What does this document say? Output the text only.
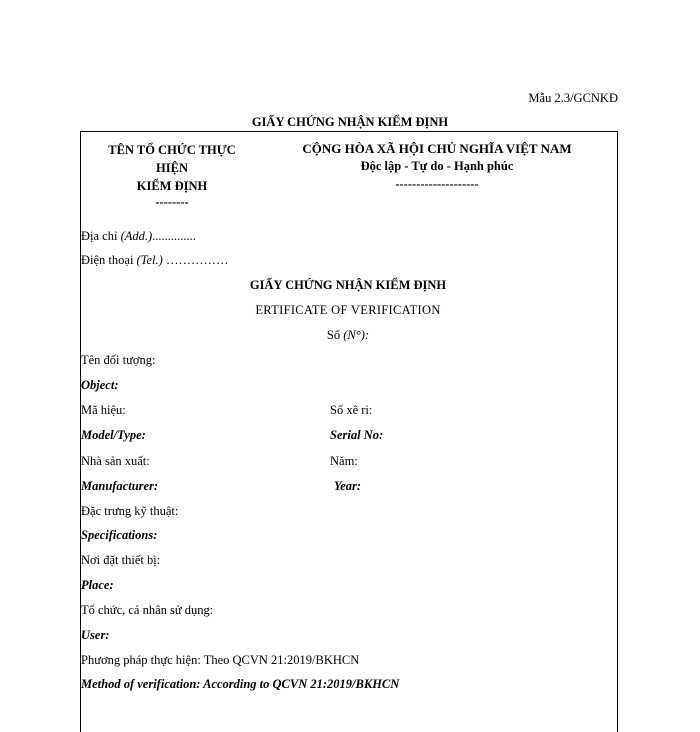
Mẫu 2.3/GCNKĐ
GIẤY CHỨNG NHẬN KIỂM ĐỊNH
TÊN TỔ CHỨC THỰC
HIỆN
KIỂM ĐỊNH
--------
CỘNG HÒA XÃ HỘI CHỦ NGHĨA VIỆT NAM
Độc lập - Tự do - Hạnh phúc
--------------------
Địa chỉ (Add.)..............
Điện thoại (Tel.) ……………
GIẤY CHỨNG NHẬN KIỂM ĐỊNH
ERTIFICATE OF VERIFICATION
Số (N°):
Tên đối tượng:
Object:
Mã hiệu:	Số xê ri:
Model/Type:	Serial No:
Nhà sản xuất:	Năm:
Manufacturer:	Year:
Đặc trưng kỹ thuật:
Specifications:
Nơi đặt thiết bị:
Place:
Tổ chức, cá nhân sử dụng:
User:
Phương pháp thực hiện: Theo QCVN 21:2019/BKHCN
Method of verification: According to QCVN 21:2019/BKHCN
